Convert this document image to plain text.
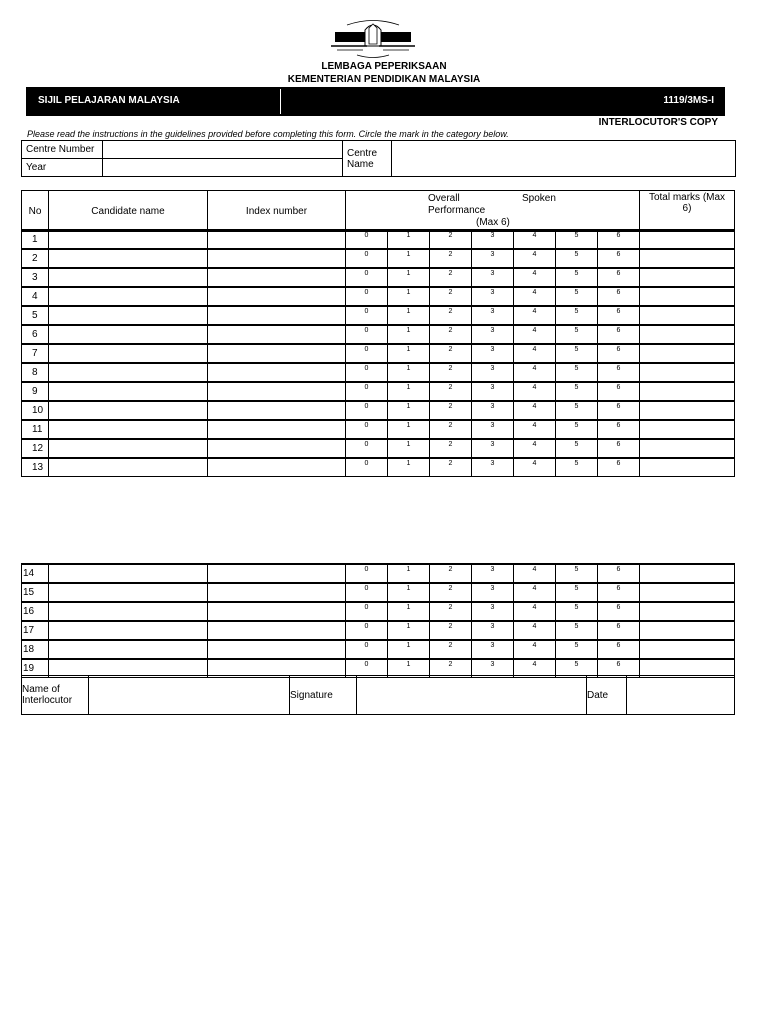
LEMBAGA PEPERIKSAAN
KEMENTERIAN PENDIDIKAN MALAYSIA
SIJIL PELAJARAN MALAYSIA	1119/3MS-I
INTERLOCUTOR'S COPY
Please read the instructions in the guidelines provided before completing this form. Circle the mark in the category below.
Centre Number		Centre
Name	
Year			
No	Candidate name	Index number	
Overall	Spoken
Performance
(Max 6)
	Total marks (Max
6)
1			0	1	2	3	4	5	6	
2			0	1	2	3	4	5	6	
3			0	1	2	3	4	5	6	
4			0	1	2	3	4	5	6	
5			0	1	2	3	4	5	6	
6			0	1	2	3	4	5	6	
7			0	1	2	3	4	5	6	
8			0	1	2	3	4	5	6	
9			0	1	2	3	4	5	6	
10			0	1	2	3	4	5	6	
11			0	1	2	3	4	5	6	
12			0	1	2	3	4	5	6	
13			0	1	2	3	4	5	6	
14			0	1	2	3	4	5	6	
15			0	1	2	3	4	5	6	
16			0	1	2	3	4	5	6	
17			0	1	2	3	4	5	6	
18			0	1	2	3	4	5	6	
19			0	1	2	3	4	5	6	
Name of
Interlocutor		Signature		Date	
